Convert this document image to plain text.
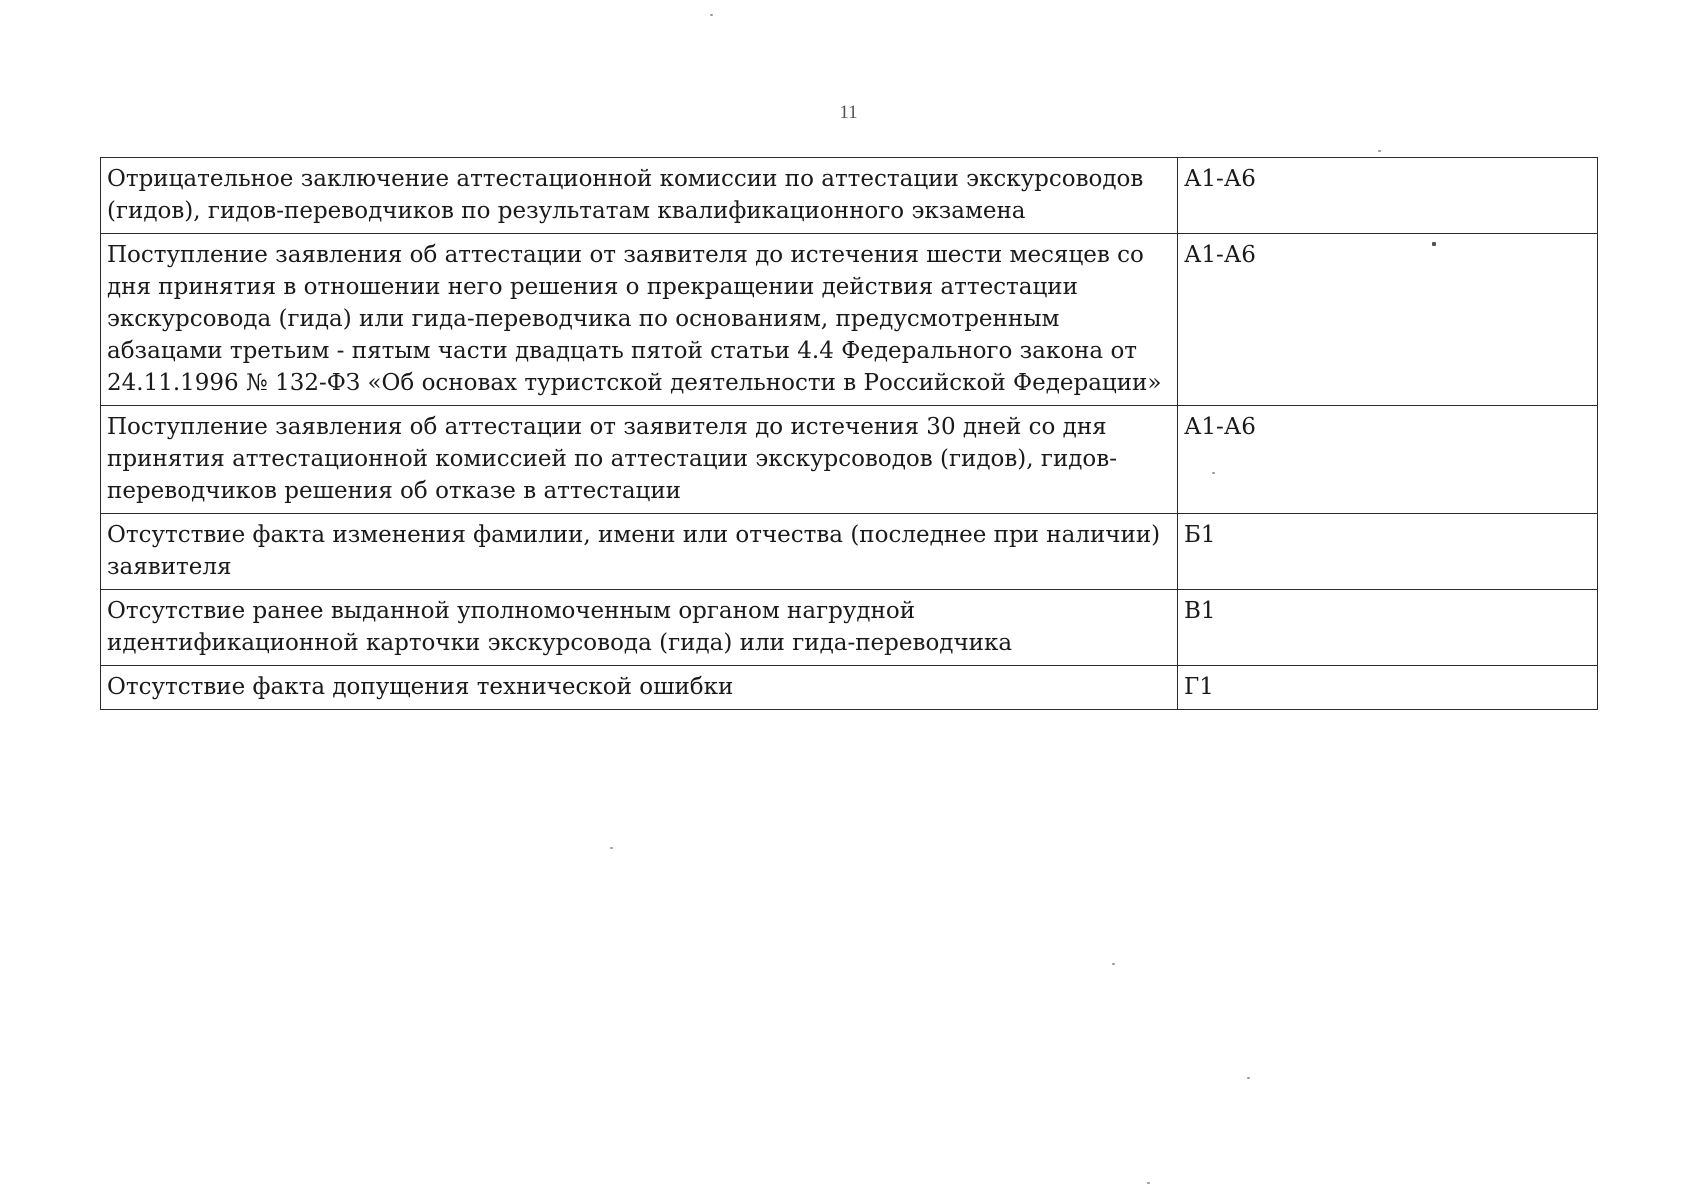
11
Отрицательное заключение аттестационной комиссии по аттестации экскурсоводов (гидов), гидов-переводчиков по результатам квалификационного экзамена	А1-А6
Поступление заявления об аттестации от заявителя до истечения шести месяцев со дня принятия в отношении него решения о прекращении действия аттестации экскурсовода (гида) или гида-переводчика по основаниям, предусмотренным абзацами третьим - пятым части двадцать пятой статьи 4.4 Федерального закона от 24.11.1996 № 132-ФЗ «Об основах туристской деятельности в Российской Федерации»	А1-А6
Поступление заявления об аттестации от заявителя до истечения 30 дней со дня принятия аттестационной комиссией по аттестации экскурсоводов (гидов), гидов-переводчиков решения об отказе в аттестации	А1-А6
Отсутствие факта изменения фамилии, имени или отчества (последнее при наличии) заявителя	Б1
Отсутствие ранее выданной уполномоченным органом нагрудной идентификационной карточки экскурсовода (гида) или гида-переводчика	В1
Отсутствие факта допущения технической ошибки	Г1
